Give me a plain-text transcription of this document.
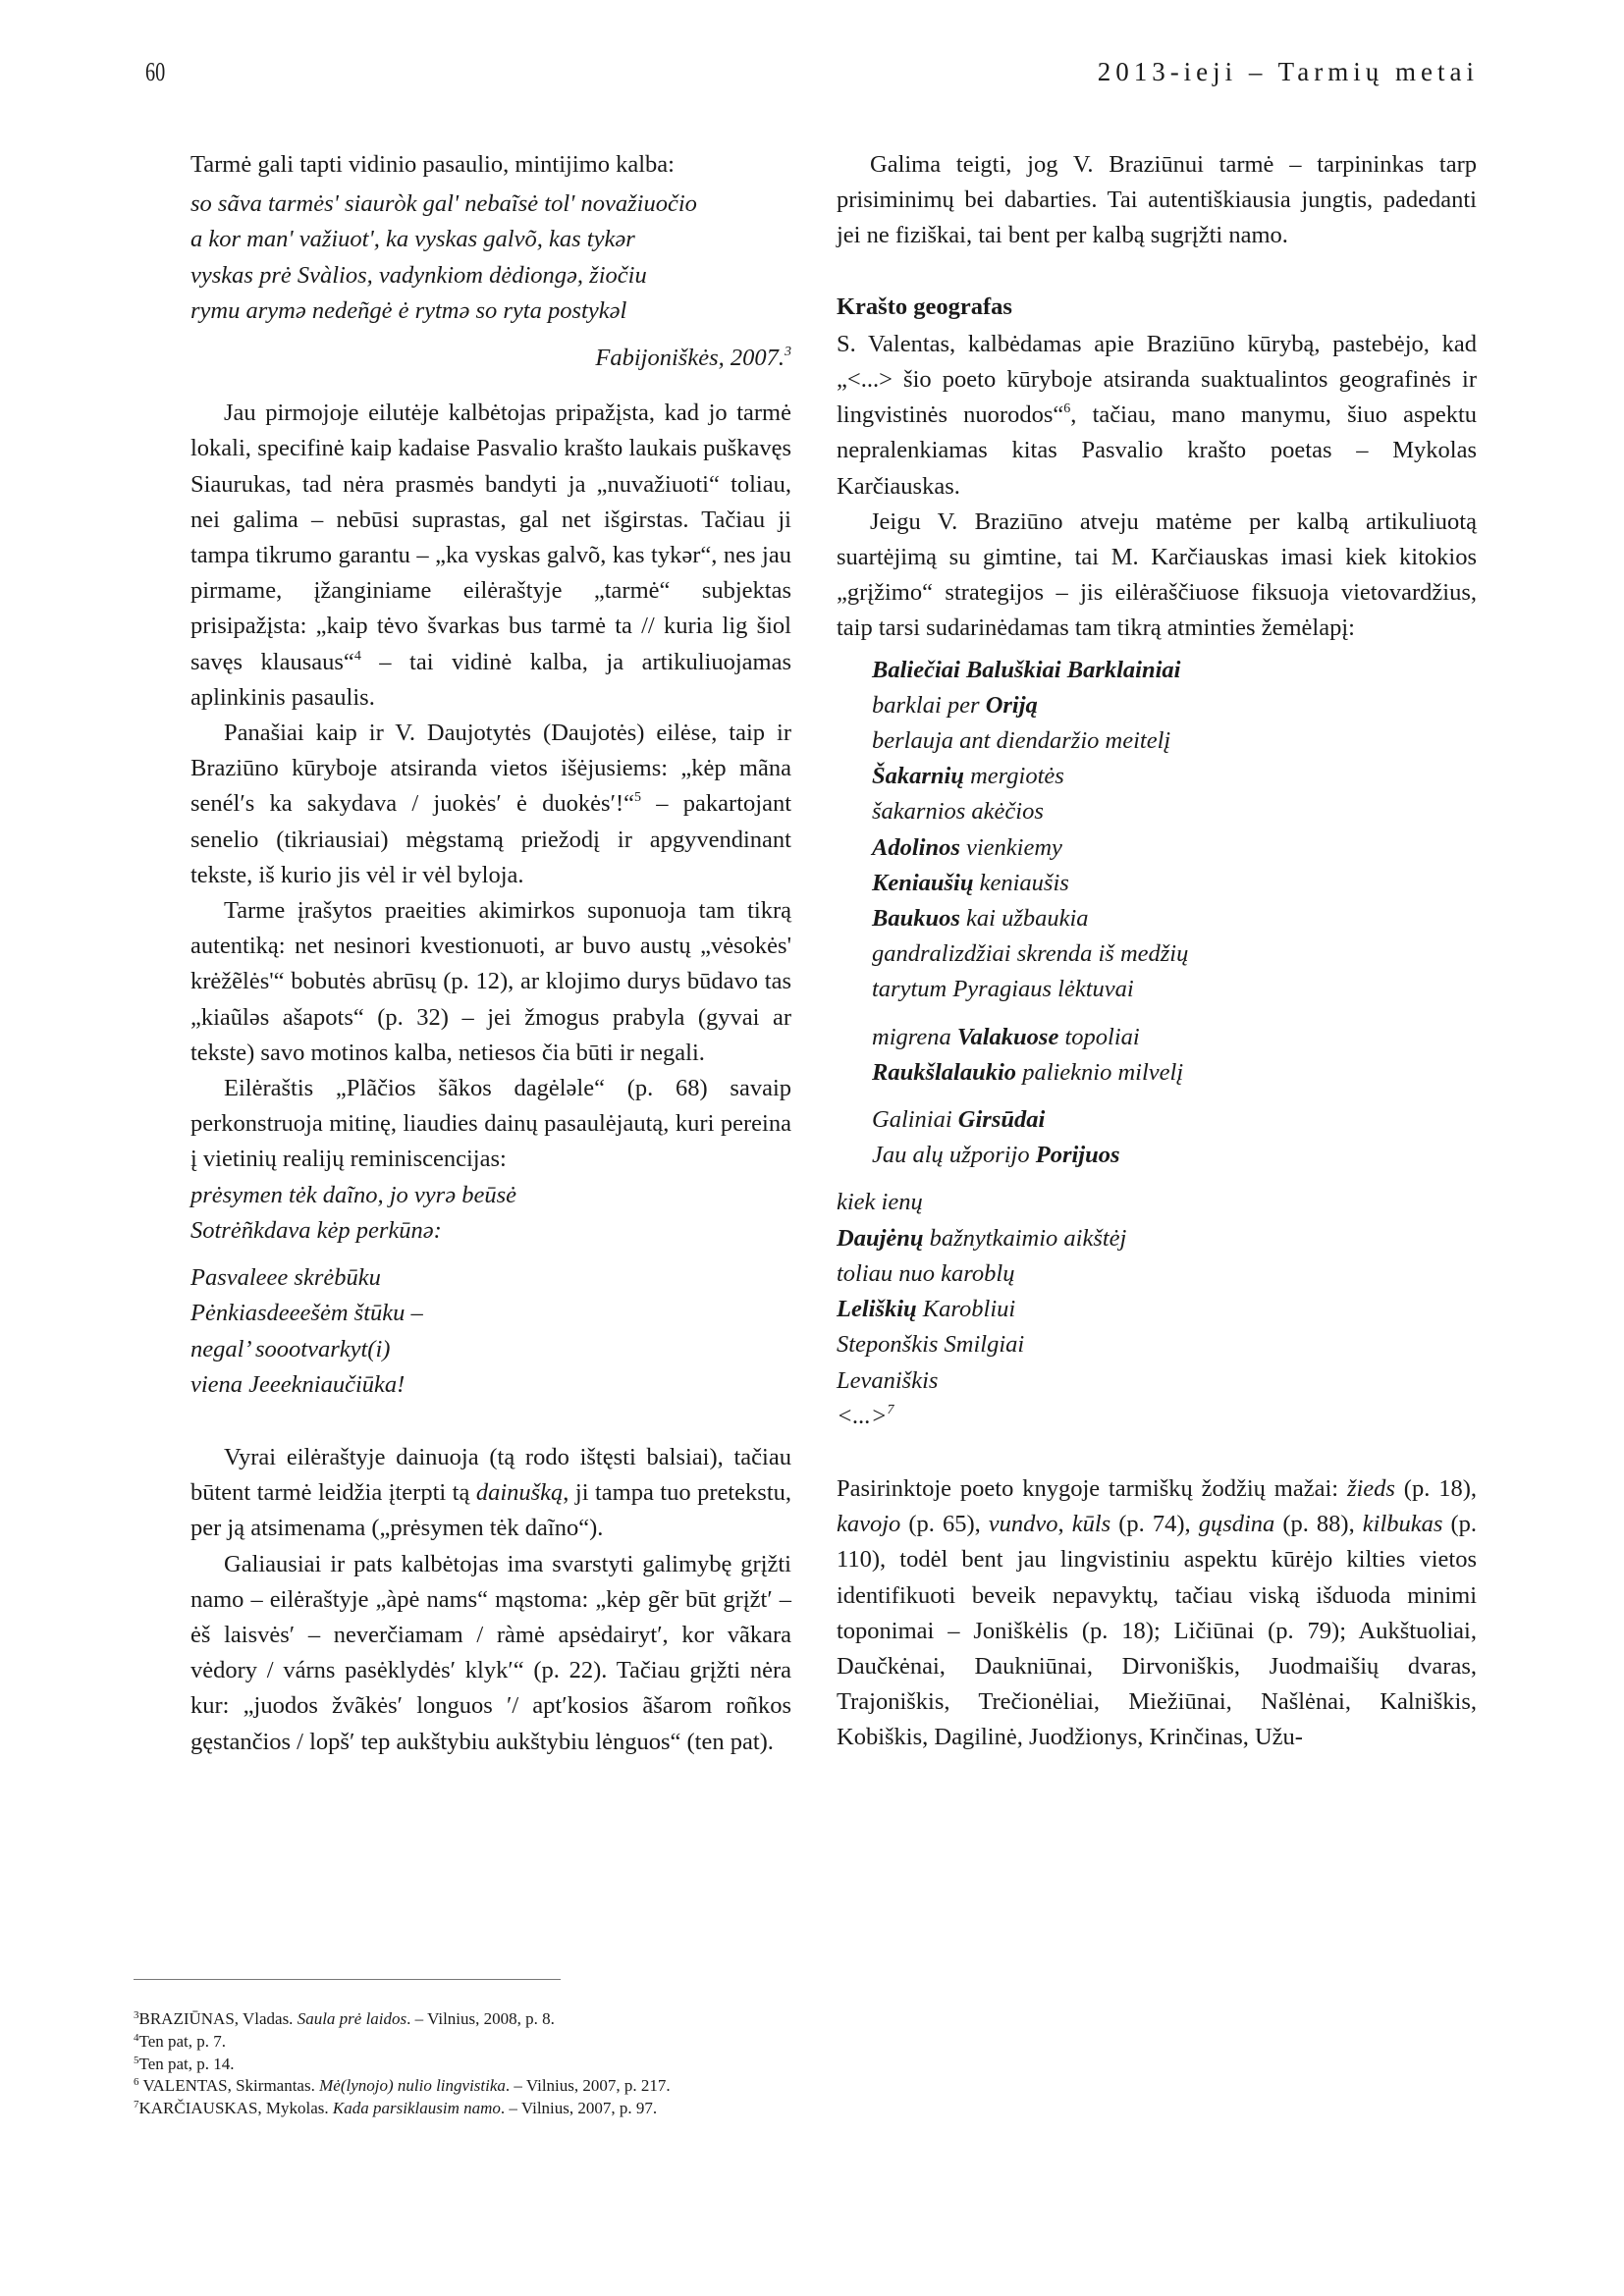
60	2013-ieji – Tarmių metai

Tarmė gali tapti vidinio pasaulio, mintijimo kalba:

so sãva tarmės' siauròk gal' nebaĩsė tol' novažiuočio
a kor man' važiuot', ka vyskas galvõ, kas tykər
vyskas prė Svàlios, vadynkiom dėdiongə, žiočiu
rymu arymə nedeñgė ė rytmə so ryta postykəl
Fabijoniškės, 2007.$^3$

Jau pirmojoje eilutėje kalbėtojas pripažįsta, kad jo tarmė lokali, specifinė kaip kadaise Pasvalio krašto laukais puškavęs Siaurukas, tad nėra prasmės bandyti ja „nuvažiuoti“ toliau, nei galima – nebūsi suprastas, gal net išgirstas. Tačiau ji tampa tikrumo garantu – „ka vyskas galvõ, kas tykər“, nes jau pirmame, įžanginiame eilėraštyje „tarmė“ subjektas prisipažįsta: „kaip tėvo švarkas bus tarmė ta // kuria lig šiol savęs klausaus“$^4$ – tai vidinė kalba, ja artikuliuojamas aplinkinis pasaulis.

Panašiai kaip ir V. Daujotytės (Daujotės) eilėse, taip ir Braziūno kūryboje atsiranda vietos išėjusiems: „kėp mãna senél′s ka sakydava / juokės′ ė duokės′!“$^5$ – pakartojant senelio (tikriausiai) mėgstamą priežodį ir apgyvendinant tekste, iš kurio jis vėl ir vėl byloja.

Tarme įrašytos praeities akimirkos suponuoja tam tikrą autentiką: net nesinori kvestionuoti, ar buvo austų „vėsokės' krėžẽlės'“ bobutės abrūsų (p. 12), ar klojimo durys būdavo tas „kiaũləs ašapots“ (p. 32) – jei žmogus prabyla (gyvai ar tekste) savo motinos kalba, netiesos čia būti ir negali.

Eilėraštis „Plãčios šãkos dagėləle“ (p. 68) savaip perkonstruoja mitinę, liaudies dainų pasaulėjautą, kuri pereina į vietinių realijų reminiscencijas:

prėsymen tėk daĩno, jo vyrə beūsė
Sotrėñkdava kėp perkūnə:
Pasvaleee skrėbūku
Pėnkiasdeeešėm štūku –
negal’ soootvarkyt(i)
viena Jeeekniaučiūka!

Vyrai eilėraštyje dainuoja (tą rodo ištęsti balsiai), tačiau būtent tarmė leidžia įterpti tą dainušką, ji tampa tuo pretekstu, per ją atsimenama („prėsymen tėk daĩno“).

Galiausiai ir pats kalbėtojas ima svarstyti galimybę grįžti namo – eilėraštyje „àpė nams“ mąstoma: „kėp gẽr būt grįžt′ – ėš laisvės′ – neverčiamam / ràmė apsėdairyt′, kor vãkara vėdory / várns pasėklydės′ klyk′“ (p. 22). Tačiau grįžti nėra kur: „juodos žvãkės′ longuos ′/ apt′kosios ãšarom roñkos gęstančios / lopš′ tep aukštybiu aukštybiu lėnguos“ (ten pat).

Galima teigti, jog V. Braziūnui tarmė – tarpininkas tarp prisiminimų bei dabarties. Tai autentiškiausia jungtis, padedanti jei ne fiziškai, tai bent per kalbą sugrįžti namo.

Krašto geografas

S. Valentas, kalbėdamas apie Braziūno kūrybą, pastebėjo, kad „<...> šio poeto kūryboje atsiranda suaktualintos geografinės ir lingvistinės nuorodos“$^6$, tačiau, mano manymu, šiuo aspektu nepralenkiamas kitas Pasvalio krašto poetas – Mykolas Karčiauskas.

Jeigu V. Braziūno atveju matėme per kalbą artikuliuotą suartėjimą su gimtine, tai M. Karčiauskas imasi kiek kitokios „grįžimo“ strategijos – jis eilėraščiuose fiksuoja vietovardžius, taip tarsi sudarinėdamas tam tikrą atminties žemėlapį:

Baliečiai Baluškiai Barklainiai
barklai per Oriją
berlauja ant diendaržio meitelį
Šakarnių mergiotės
šakarnios akėčios
Adolinos vienkiemy
Keniaušių keniaušis
Baukuos kai užbaukia
gandralizdžiai skrenda iš medžių
tarytum Pyragiaus lėktuvai
migrena Valakuose topoliai
Raukšlalaukio palieknio milvelį
Galiniai Girsūdai
Jau alų užporijo Porijuos
kiek ienų
Daujėnų bažnytkaimio aikštėj
toliau nuo karoblų
Leliškių Karobliui
Steponškis Smilgiai
Levaniškis
<...>$^7$

Pasirinktoje poeto knygoje tarmiškų žodžių mažai: žieds (p. 18), kavojo (p. 65), vundvo, kūls (p. 74), gųsdina (p. 88), kilbukas (p. 110), todėl bent jau lingvistiniu aspektu kūrėjo kilties vietos identifikuoti beveik nepavyktų, tačiau viską išduoda minimi toponimai – Joniškėlis (p. 18); Ličiūnai (p. 79); Aukštuoliai, Daučkėnai, Daukniūnai, Dirvoniškis, Juodmaišių dvaras, Trajoniškis, Trečionėliai, Miežiūnai, Našlėnai, Kalniškis, Kobiškis, Dagilinė, Juodžionys, Krinčinas, Užu-

$^3$BRAZIŪNAS, Vladas. Saula prė laidos. – Vilnius, 2008, p. 8.
$^4$Ten pat, p. 7.
$^5$Ten pat, p. 14.
$^6$ VALENTAS, Skirmantas. Mė(lynojo) nulio lingvistika. – Vilnius, 2007, p. 217.
$^7$KARČIAUSKAS, Mykolas. Kada parsiklausim namo. – Vilnius, 2007, p. 97.
